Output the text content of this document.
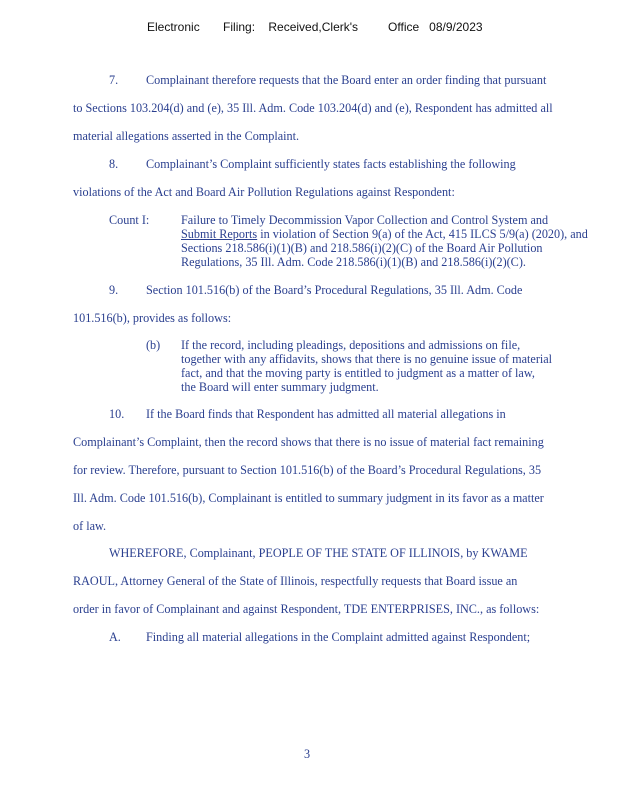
Electronic       Filing:    Received,Clerk's         Office   08/9/2023
7. Complainant therefore requests that the Board enter an order finding that pursuant
to Sections 103.204(d) and (e), 35 Ill. Adm. Code 103.204(d) and (e), Respondent has admitted all
material allegations asserted in the Complaint.
8. Complainant’s Complaint sufficiently states facts establishing the following
violations of the Act and Board Air Pollution Regulations against Respondent:
Count I:	Failure to Timely Decommission Vapor Collection and Control System and
Submit Reports in violation of Section 9(a) of the Act, 415 ILCS 5/9(a) (2020), and
Sections 218.586(i)(1)(B) and 218.586(i)(2)(C) of the Board Air Pollution
Regulations, 35 Ill. Adm. Code 218.586(i)(1)(B) and 218.586(i)(2)(C).
9. Section 101.516(b) of the Board’s Procedural Regulations, 35 Ill. Adm. Code
101.516(b), provides as follows:
(b) If the record, including pleadings, depositions and admissions on file,
together with any affidavits, shows that there is no genuine issue of material
fact, and that the moving party is entitled to judgment as a matter of law,
the Board will enter summary judgment.
10. If the Board finds that Respondent has admitted all material allegations in
Complainant’s Complaint, then the record shows that there is no issue of material fact remaining
for review. Therefore, pursuant to Section 101.516(b) of the Board’s Procedural Regulations, 35
Ill. Adm. Code 101.516(b), Complainant is entitled to summary judgment in its favor as a matter
of law.
WHEREFORE, Complainant, PEOPLE OF THE STATE OF ILLINOIS, by KWAME
RAOUL, Attorney General of the State of Illinois, respectfully requests that Board issue an
order in favor of Complainant and against Respondent, TDE ENTERPRISES, INC., as follows:
A. Finding all material allegations in the Complaint admitted against Respondent;
3
